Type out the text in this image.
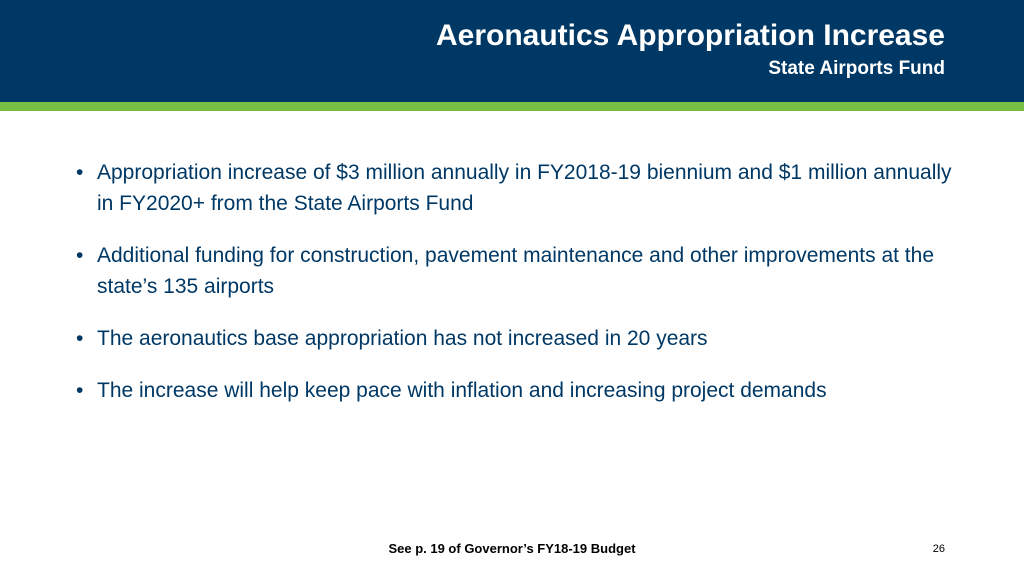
Aeronautics Appropriation Increase
State Airports Fund
• Appropriation increase of $3 million annually in FY2018-19 biennium and $1 million annually in FY2020+ from the State Airports Fund
• Additional funding for construction, pavement maintenance and other improvements at the state’s 135 airports
• The aeronautics base appropriation has not increased in 20 years
• The increase will help keep pace with inflation and increasing project demands
See p. 19 of Governor’s FY18-19 Budget	26
